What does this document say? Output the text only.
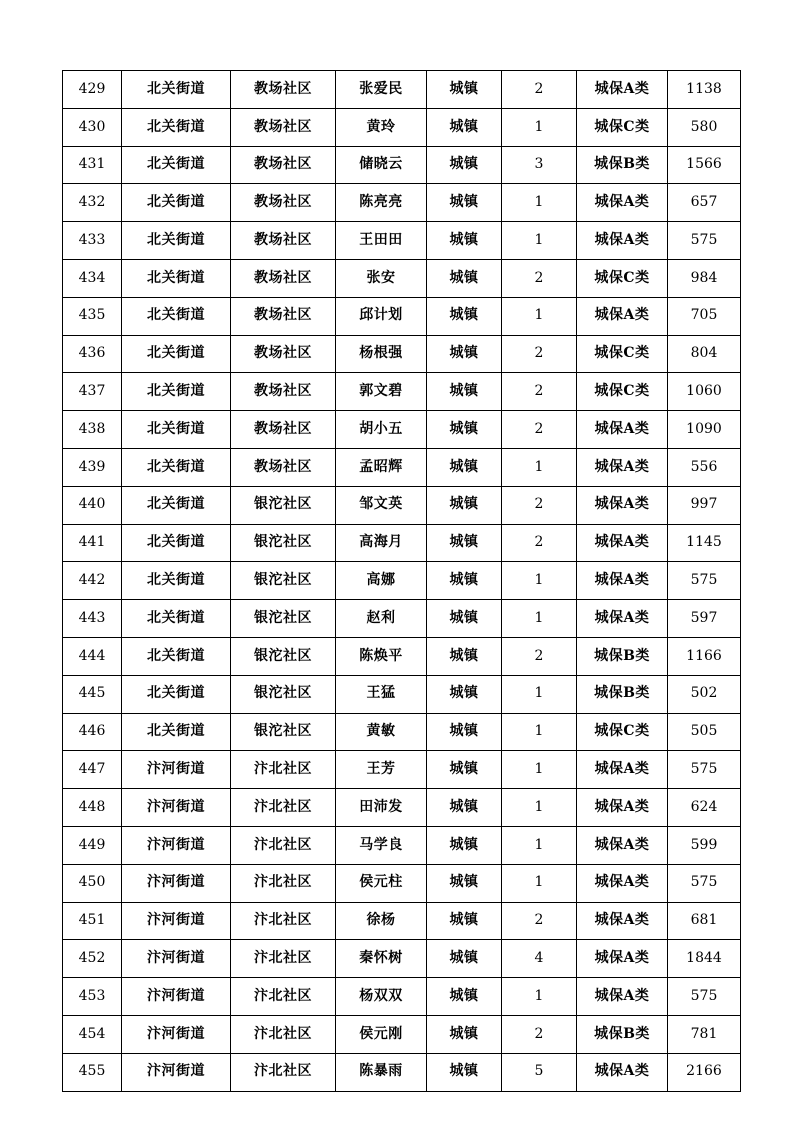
429	北关街道	教场社区	张爱民	城镇	2	城保A类	1138
430	北关街道	教场社区	黄玲	城镇	1	城保C类	580
431	北关街道	教场社区	储晓云	城镇	3	城保B类	1566
432	北关街道	教场社区	陈亮亮	城镇	1	城保A类	657
433	北关街道	教场社区	王田田	城镇	1	城保A类	575
434	北关街道	教场社区	张安	城镇	2	城保C类	984
435	北关街道	教场社区	邱计划	城镇	1	城保A类	705
436	北关街道	教场社区	杨根强	城镇	2	城保C类	804
437	北关街道	教场社区	郭文碧	城镇	2	城保C类	1060
438	北关街道	教场社区	胡小五	城镇	2	城保A类	1090
439	北关街道	教场社区	孟昭辉	城镇	1	城保A类	556
440	北关街道	银沱社区	邹文英	城镇	2	城保A类	997
441	北关街道	银沱社区	高海月	城镇	2	城保A类	1145
442	北关街道	银沱社区	高娜	城镇	1	城保A类	575
443	北关街道	银沱社区	赵利	城镇	1	城保A类	597
444	北关街道	银沱社区	陈焕平	城镇	2	城保B类	1166
445	北关街道	银沱社区	王猛	城镇	1	城保B类	502
446	北关街道	银沱社区	黄敏	城镇	1	城保C类	505
447	汴河街道	汴北社区	王芳	城镇	1	城保A类	575
448	汴河街道	汴北社区	田沛发	城镇	1	城保A类	624
449	汴河街道	汴北社区	马学良	城镇	1	城保A类	599
450	汴河街道	汴北社区	侯元柱	城镇	1	城保A类	575
451	汴河街道	汴北社区	徐杨	城镇	2	城保A类	681
452	汴河街道	汴北社区	秦怀树	城镇	4	城保A类	1844
453	汴河街道	汴北社区	杨双双	城镇	1	城保A类	575
454	汴河街道	汴北社区	侯元刚	城镇	2	城保B类	781
455	汴河街道	汴北社区	陈暴雨	城镇	5	城保A类	2166
